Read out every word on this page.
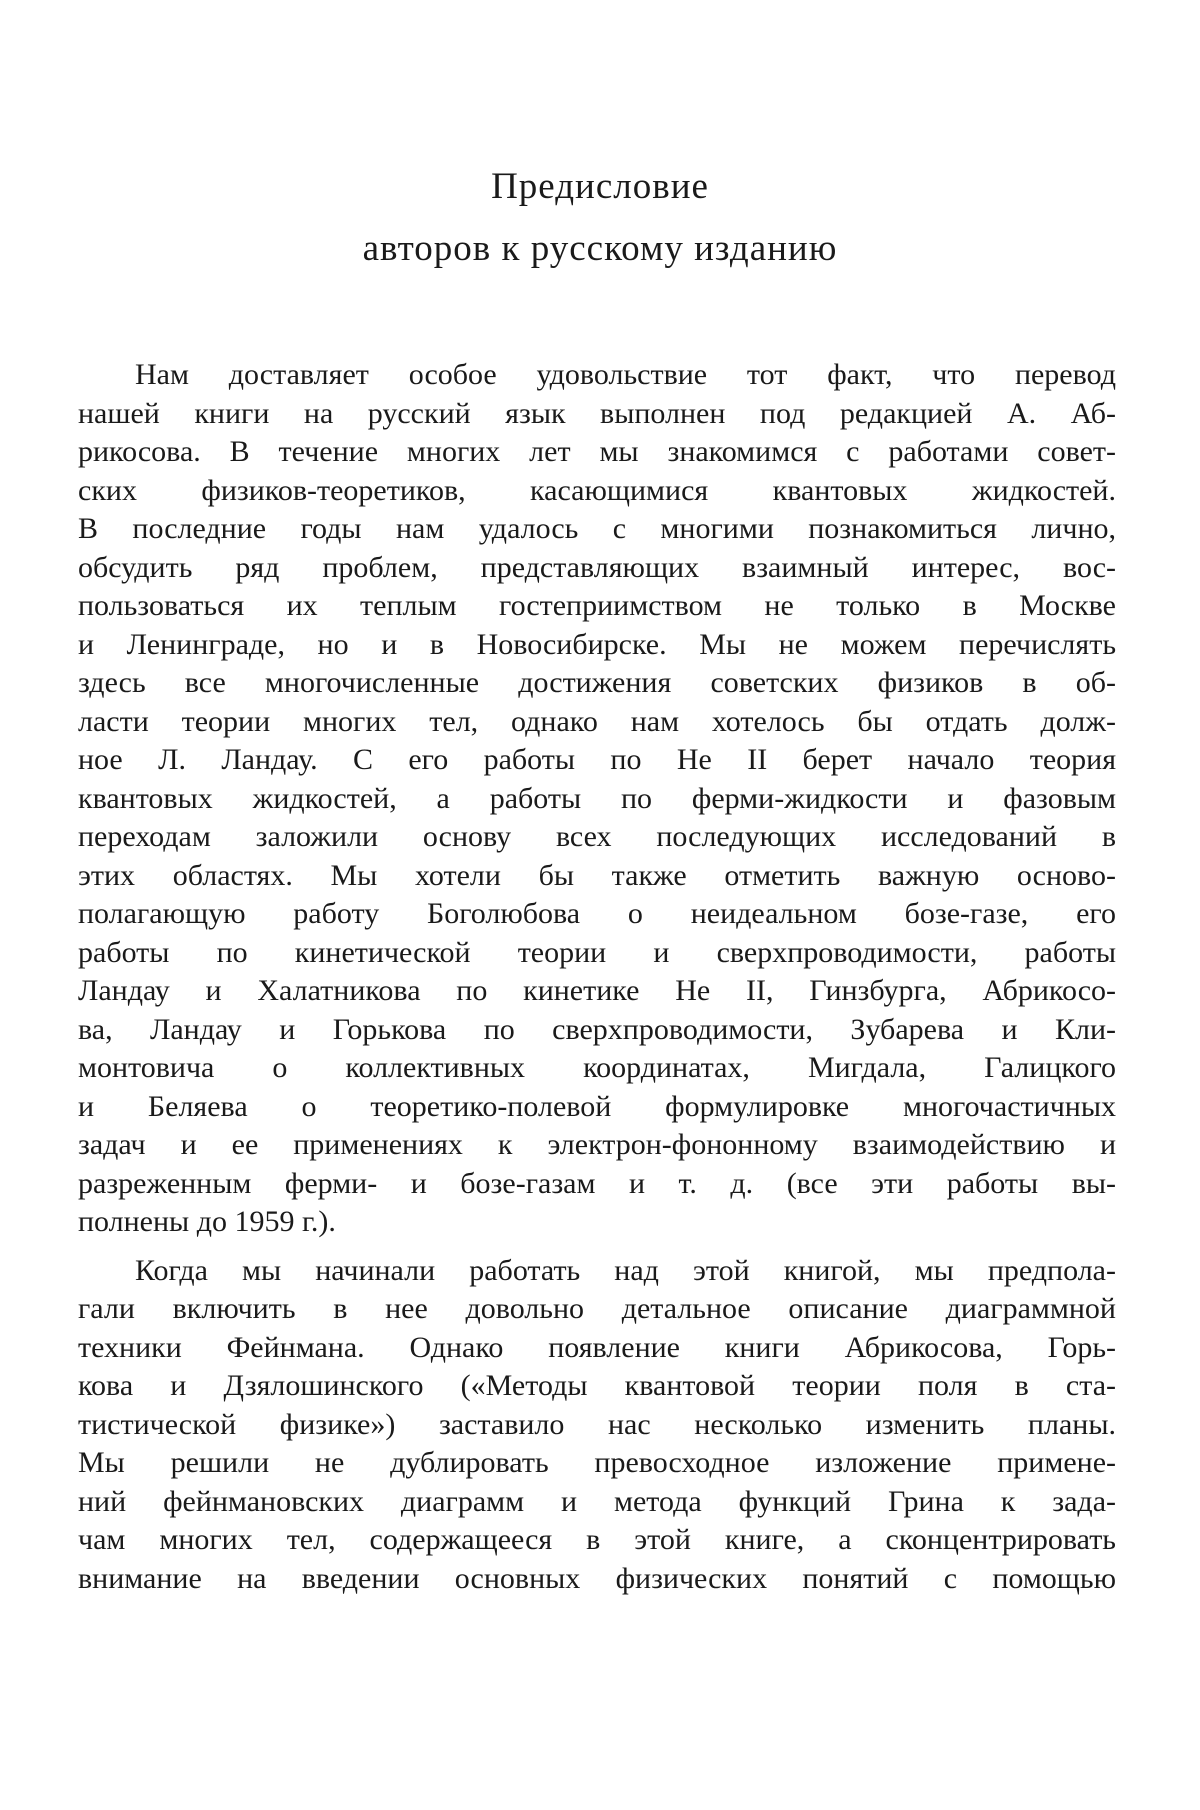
Предисловие
авторов к русскому изданию
Нам доставляет особое удовольствие тот факт, что перевод
нашей книги на русский язык выполнен под редакцией А. Аб-
рикосова. В течение многих лет мы знакомимся с работами совет-
ских физиков-теоретиков, касающимися квантовых жидкостей.
В последние годы нам удалось с многими познакомиться лично,
обсудить ряд проблем, представляющих взаимный интерес, вос-
пользоваться их теплым гостеприимством не только в Москве
и Ленинграде, но и в Новосибирске. Мы не можем перечислять
здесь все многочисленные достижения советских физиков в об-
ласти теории многих тел, однако нам хотелось бы отдать долж-
ное Л. Ландау. С его работы по Не II берет начало теория
квантовых жидкостей, а работы по ферми-жидкости и фазовым
переходам заложили основу всех последующих исследований в
этих областях. Мы хотели бы также отметить важную осново-
полагающую работу Боголюбова о неидеальном бозе-газе, его
работы по кинетической теории и сверхпроводимости, работы
Ландау и Халатникова по кинетике Не II, Гинзбурга, Абрикосо-
ва, Ландау и Горькова по сверхпроводимости, Зубарева и Кли-
монтовича о коллективных координатах, Мигдала, Галицкого
и Беляева о теоретико-полевой формулировке многочастичных
задач и ее применениях к электрон-фононному взаимодействию и
разреженным ферми- и бозе-газам и т. д. (все эти работы вы-
полнены до 1959 г.).
Когда мы начинали работать над этой книгой, мы предпола-
гали включить в нее довольно детальное описание диаграммной
техники Фейнмана. Однако появление книги Абрикосова, Горь-
кова и Дзялошинского («Методы квантовой теории поля в ста-
тистической физике») заставило нас несколько изменить планы.
Мы решили не дублировать превосходное изложение примене-
ний фейнмановских диаграмм и метода функций Грина к зада-
чам многих тел, содержащееся в этой книге, а сконцентрировать
внимание на введении основных физических понятий с помощью
